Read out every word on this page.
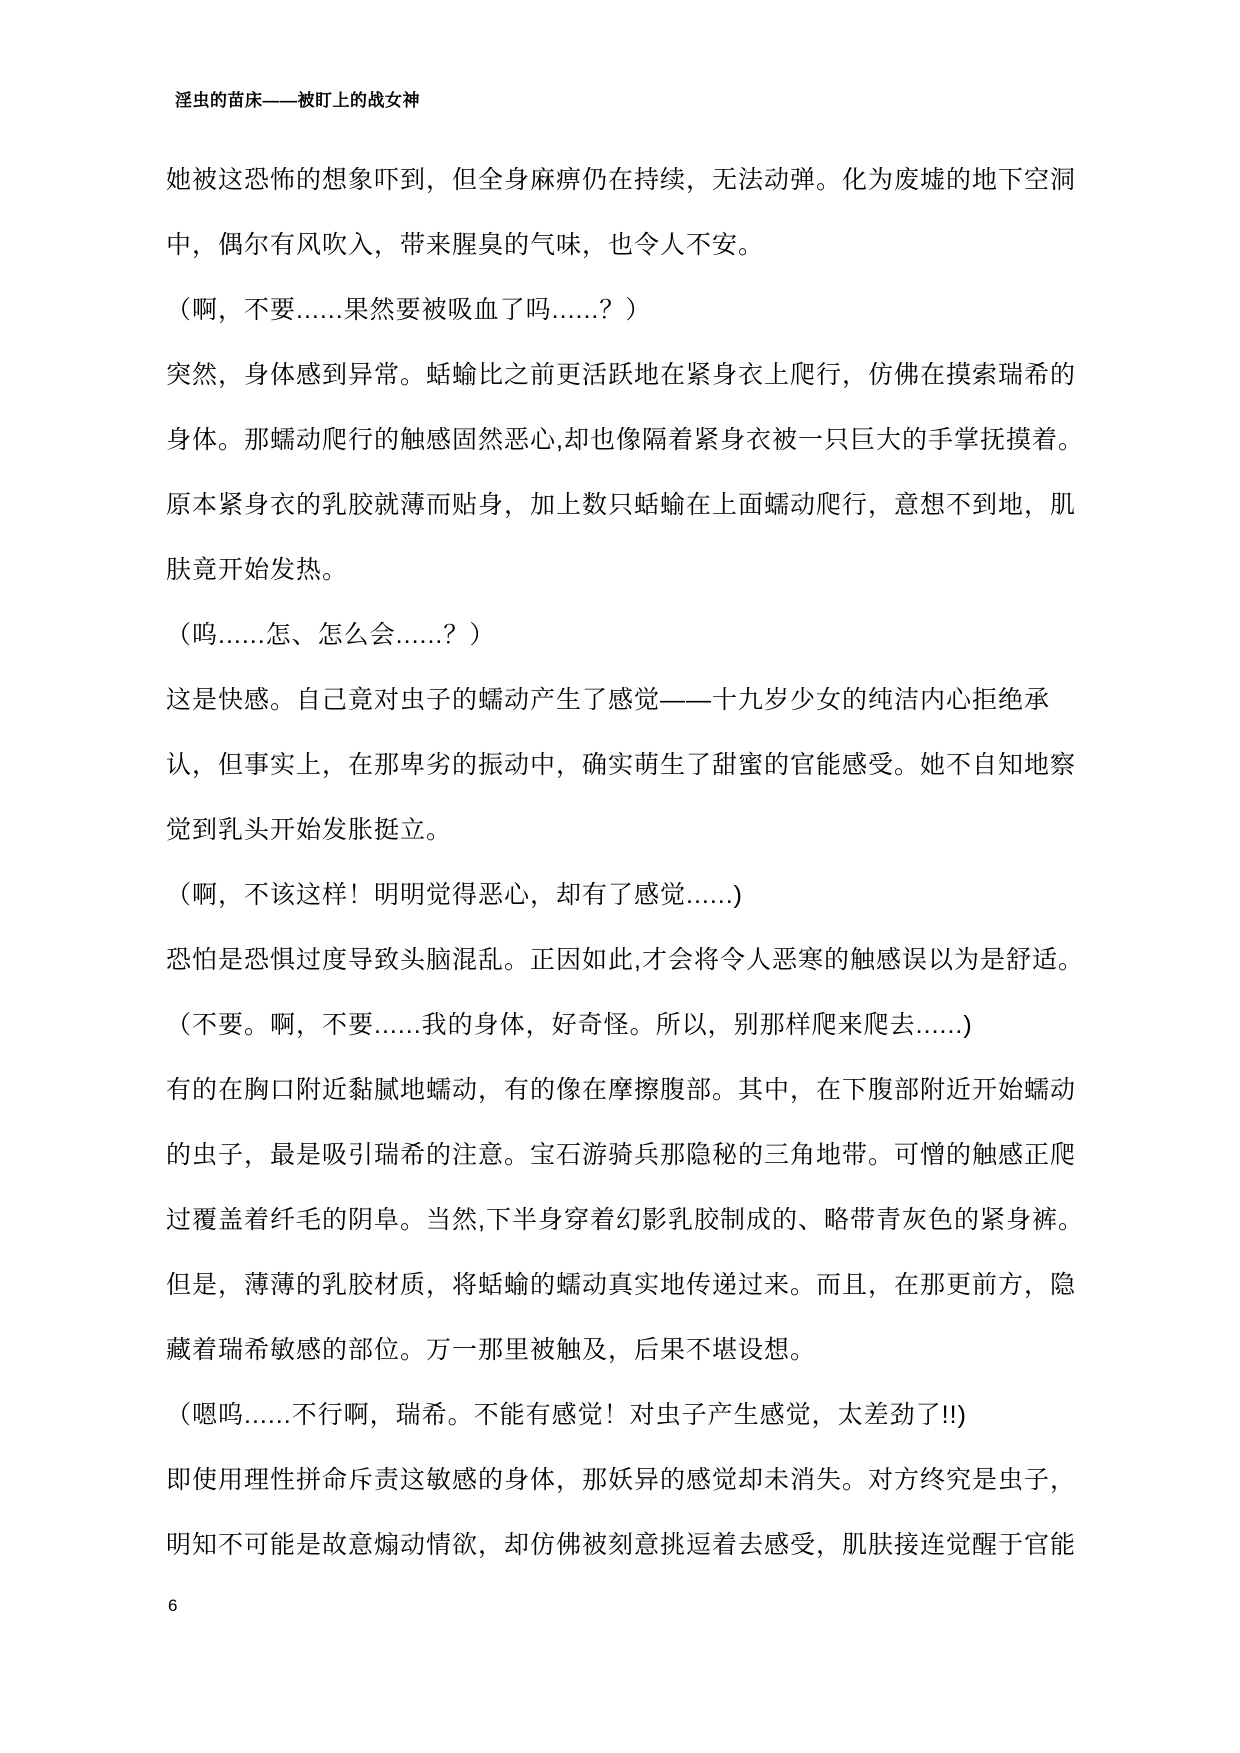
淫虫的苗床——被盯上的战女神
她被这恐怖的想象吓到，但全身麻痹仍在持续，无法动弹。化为废墟的地下空洞
中，偶尔有风吹入，带来腥臭的气味，也令人不安。
（啊，不要......果然要被吸血了吗......？）
突然，身体感到异常。蛞蝓比之前更活跃地在紧身衣上爬行，仿佛在摸索瑞希的
身体。那蠕动爬行的触感固然恶心,却也像隔着紧身衣被一只巨大的手掌抚摸着。
原本紧身衣的乳胶就薄而贴身，加上数只蛞蝓在上面蠕动爬行，意想不到地，肌
肤竟开始发热。
（呜......怎、怎么会......？）
这是快感。自己竟对虫子的蠕动产生了感觉——十九岁少女的纯洁内心拒绝承
认，但事实上，在那卑劣的振动中，确实萌生了甜蜜的官能感受。她不自知地察
觉到乳头开始发胀挺立。
（啊，不该这样！明明觉得恶心，却有了感觉......)
恐怕是恐惧过度导致头脑混乱。正因如此,才会将令人恶寒的触感误以为是舒适。
（不要。啊，不要......我的身体，好奇怪。所以，别那样爬来爬去......)
有的在胸口附近黏腻地蠕动，有的像在摩擦腹部。其中，在下腹部附近开始蠕动
的虫子，最是吸引瑞希的注意。宝石游骑兵那隐秘的三角地带。可憎的触感正爬
过覆盖着纤毛的阴阜。当然,下半身穿着幻影乳胶制成的、略带青灰色的紧身裤。
但是，薄薄的乳胶材质，将蛞蝓的蠕动真实地传递过来。而且，在那更前方，隐
藏着瑞希敏感的部位。万一那里被触及，后果不堪设想。
（嗯呜......不行啊，瑞希。不能有感觉！对虫子产生感觉，太差劲了!!)
即使用理性拼命斥责这敏感的身体，那妖异的感觉却未消失。对方终究是虫子，
明知不可能是故意煽动情欲，却仿佛被刻意挑逗着去感受，肌肤接连觉醒于官能
6
